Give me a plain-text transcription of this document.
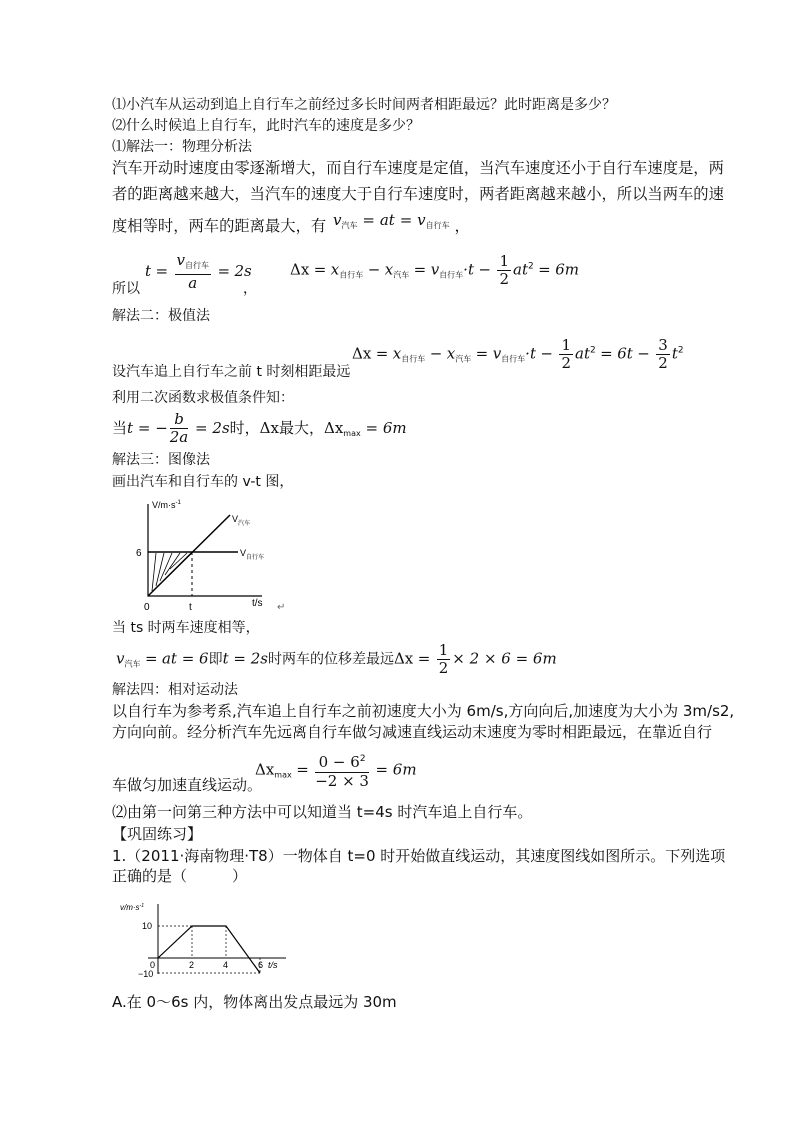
⑴小汽车从运动到追上自行车之前经过多长时间两者相距最远？此时距离是多少？
⑵什么时候追上自行车，此时汽车的速度是多少？
⑴解法一：物理分析法
汽车开动时速度由零逐渐增大，而自行车速度是定值，当汽车速度还小于自行车速度是，两
者的距离越来越大，当汽车的速度大于自行车速度时，两者距离越来越小，所以当两车的速
度相等时，两车的距离最大，有 $v_{汽车}$ = at = $v_{自行车}$ ，
$t = \frac{v_{自行车}}{a} = 2s$
，
$\Delta x = x_{自行车} - x_{汽车} = v_{自行车}\cdot t - \frac{1}{2} at^2 = 6m$
所以
解法二：极值法
$\Delta x = x_{自行车} - x_{汽车} = v_{自行车}\cdot t - \frac{1}{2} at^2 = 6t - \frac{3}{2} t^2$
设汽车追上自行车之前 t 时刻相距最远
利用二次函数求极值条件知：
当t = − $\frac{b}{2a} = 2s$时，Δx最大，$\Delta x_{max} = 6m$
解法三：图像法
画出汽车和自行车的 v-t 图，
$V/m\cdot s^{-1}$
6
0	t	t/s
$V_{汽车}$
$V_{自行车}$
↵
当 ts 时两车速度相等，
$v_{汽车}$ = at = 6即t = 2s时两车的位移差最远$\Delta x = \frac{1}{2} \times 2 \times 6 = 6m$
解法四：相对运动法
以自行车为参考系,汽车追上自行车之前初速度大小为 6m/s,方向向后,加速度为大小为 3m/s2,
方向向前。经分析汽车先远离自行车做匀减速直线运动末速度为零时相距最远，在靠近自行
$\Delta x_{max} = \frac{0 - 6^2}{-2 \times 3} = 6m$
车做匀加速直线运动。
⑵由第一问第三种方法中可以知道当 t=4s 时汽车追上自行车。
【巩固练习】
1.（2011·海南物理·T8）一物体自 t=0 时开始做直线运动，其速度图线如图所示。下列选项
正确的是（　　　）
$v/m\cdot s^{-1}$
10
−10
0	2	4	6 t/s
A.在 0～6s 内，物体离出发点最远为 30m
